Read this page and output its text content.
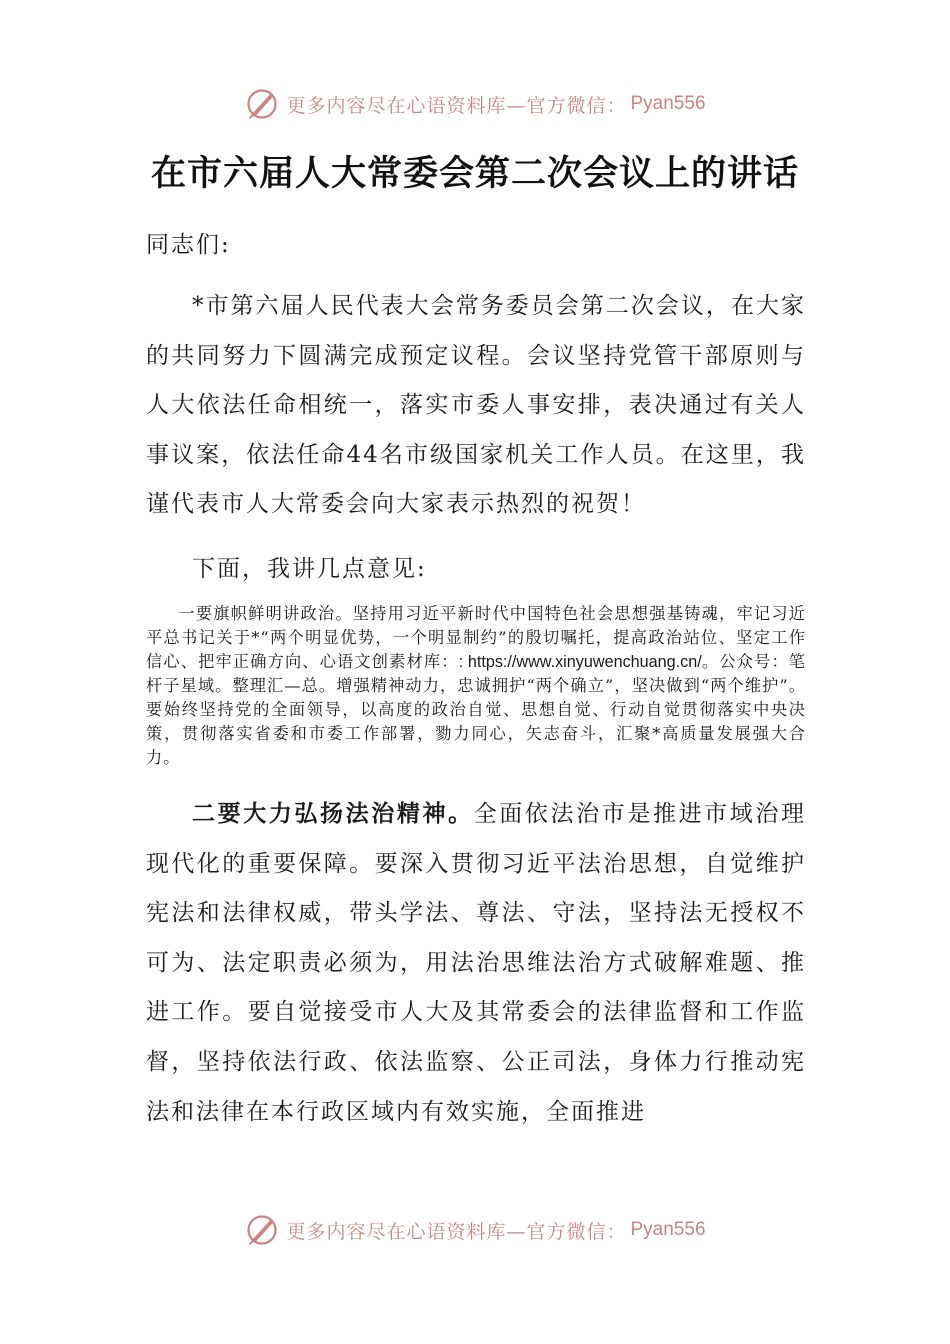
更多内容尽在心语资料库—官方微信： Pyan556
在市六届人大常委会第二次会议上的讲话
同志们:

*市第六届人民代表大会常务委员会第二次会议，在大家的共同努力下圆满完成预定议程。会议坚持党管干部原则与人大依法任命相统一，落实市委人事安排，表决通过有关人事议案，依法任命44名市级国家机关工作人员。在这里，我谨代表市人大常委会向大家表示热烈的祝贺！

下面，我讲几点意见:

一要旗帜鲜明讲政治。坚持用习近平新时代中国特色社会思想强基铸魂，牢记习近平总书记关于*“两个明显优势，一个明显制约”的殷切嘱托，提高政治站位、坚定工作信心、把牢正确方向、心语文创素材库：: https://www.xinyuwenchuang.cn/。公众号：笔杆子星域。整理汇—总。增强精神动力，忠诚拥护“两个确立”，坚决做到“两个维护”。要始终坚持党的全面领导，以高度的政治自觉、思想自觉、行动自觉贯彻落实中央决策，贯彻落实省委和市委工作部署，勠力同心，矢志奋斗，汇聚*高质量发展强大合力。

二要大力弘扬法治精神。全面依法治市是推进市域治理现代化的重要保障。要深入贯彻习近平法治思想，自觉维护宪法和法律权威，带头学法、尊法、守法，坚持法无授权不可为、法定职责必须为，用法治思维法治方式破解难题、推进工作。要自觉接受市人大及其常委会的法律监督和工作监督，坚持依法行政、依法监察、公正司法，身体力行推动宪法和法律在本行政区域内有效实施，全面推进

更多内容尽在心语资料库—官方微信： Pyan556
